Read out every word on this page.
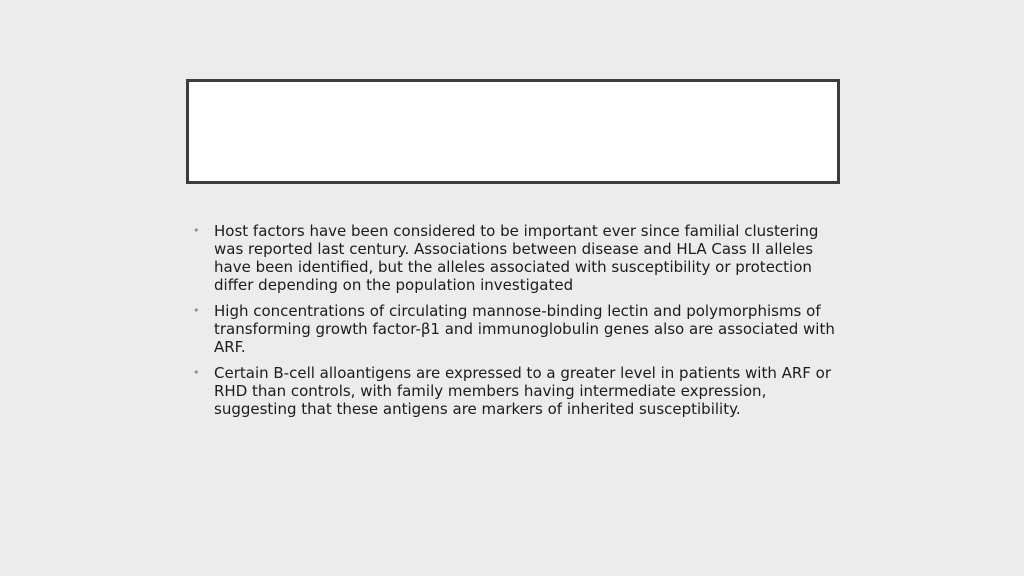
• Host factors have been considered to be important ever since familial clustering was reported last century. Associations between disease and HLA Cass II alleles have been identified, but the alleles associated with susceptibility or protection differ depending on the population investigated
• High concentrations of circulating mannose-binding lectin and polymorphisms of transforming growth factor-β1 and immunoglobulin genes also are associated with ARF.
• Certain B-cell alloantigens are expressed to a greater level in patients with ARF or RHD than controls, with family members having intermediate expression, suggesting that these antigens are markers of inherited susceptibility.
